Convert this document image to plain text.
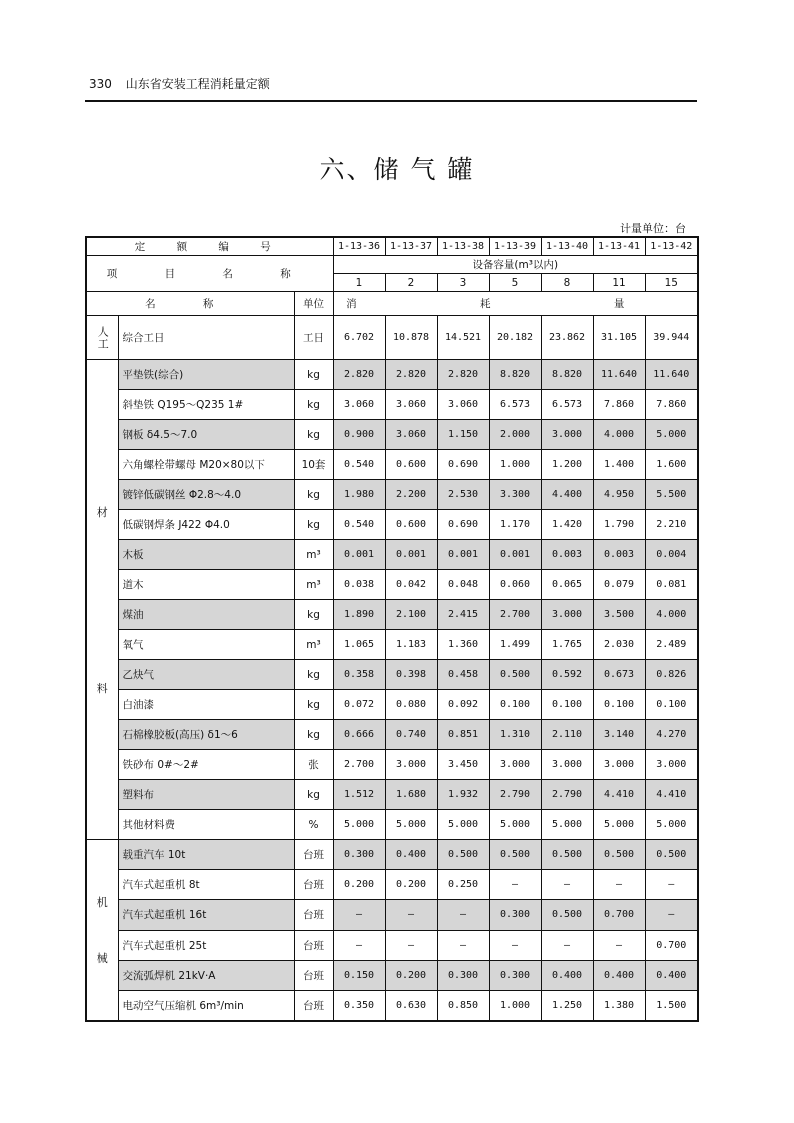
330 山东省安装工程消耗量定额
六、储 气 罐
计量单位：台
定 额 编 号			1-13-36	1-13-37	1-13-38	1-13-39	1-13-40	1-13-41	1-13-42
项 目 名 称			设备容量(m³以内)						
			1	2	3	5	8	11	15
名 称		单位	消 耗 量						

人工	综合工日	工日	6.702	10.878	14.521	20.182	23.862	31.105	39.944

材
料	平垫铁(综合)	kg	2.820	2.820	2.820	8.820	8.820	11.640	11.640
	斜垫铁 Q195～Q235 1#	kg	3.060	3.060	3.060	6.573	6.573	7.860	7.860
	钢板 δ4.5～7.0	kg	0.900	3.060	1.150	2.000	3.000	4.000	5.000
	六角螺栓带螺母 M20×80以下	10套	0.540	0.600	0.690	1.000	1.200	1.400	1.600
	镀锌低碳钢丝 Φ2.8～4.0	kg	1.980	2.200	2.530	3.300	4.400	4.950	5.500
	低碳钢焊条 J422 Φ4.0	kg	0.540	0.600	0.690	1.170	1.420	1.790	2.210
	木板	m³	0.001	0.001	0.001	0.001	0.003	0.003	0.004
	道木	m³	0.038	0.042	0.048	0.060	0.065	0.079	0.081
	煤油	kg	1.890	2.100	2.415	2.700	3.000	3.500	4.000
	氧气	m³	1.065	1.183	1.360	1.499	1.765	2.030	2.489
	乙炔气	kg	0.358	0.398	0.458	0.500	0.592	0.673	0.826
	白油漆	kg	0.072	0.080	0.092	0.100	0.100	0.100	0.100
	石棉橡胶板(高压) δ1～6	kg	0.666	0.740	0.851	1.310	2.110	3.140	4.270
	铁砂布 0#～2#	张	2.700	3.000	3.450	3.000	3.000	3.000	3.000
	塑料布	kg	1.512	1.680	1.932	2.790	2.790	4.410	4.410
	其他材料费	%	5.000	5.000	5.000	5.000	5.000	5.000	5.000

机
械	载重汽车 10t	台班	0.300	0.400	0.500	0.500	0.500	0.500	0.500
	汽车式起重机 8t	台班	0.200	0.200	0.250	—	—	—	—
	汽车式起重机 16t	台班	—	—	—	0.300	0.500	0.700	—
	汽车式起重机 25t	台班	—	—	—	—	—	—	0.700
	交流弧焊机 21kV·A	台班	0.150	0.200	0.300	0.300	0.400	0.400	0.400
	电动空气压缩机 6m³/min	台班	0.350	0.630	0.850	1.000	1.250	1.380	1.500
